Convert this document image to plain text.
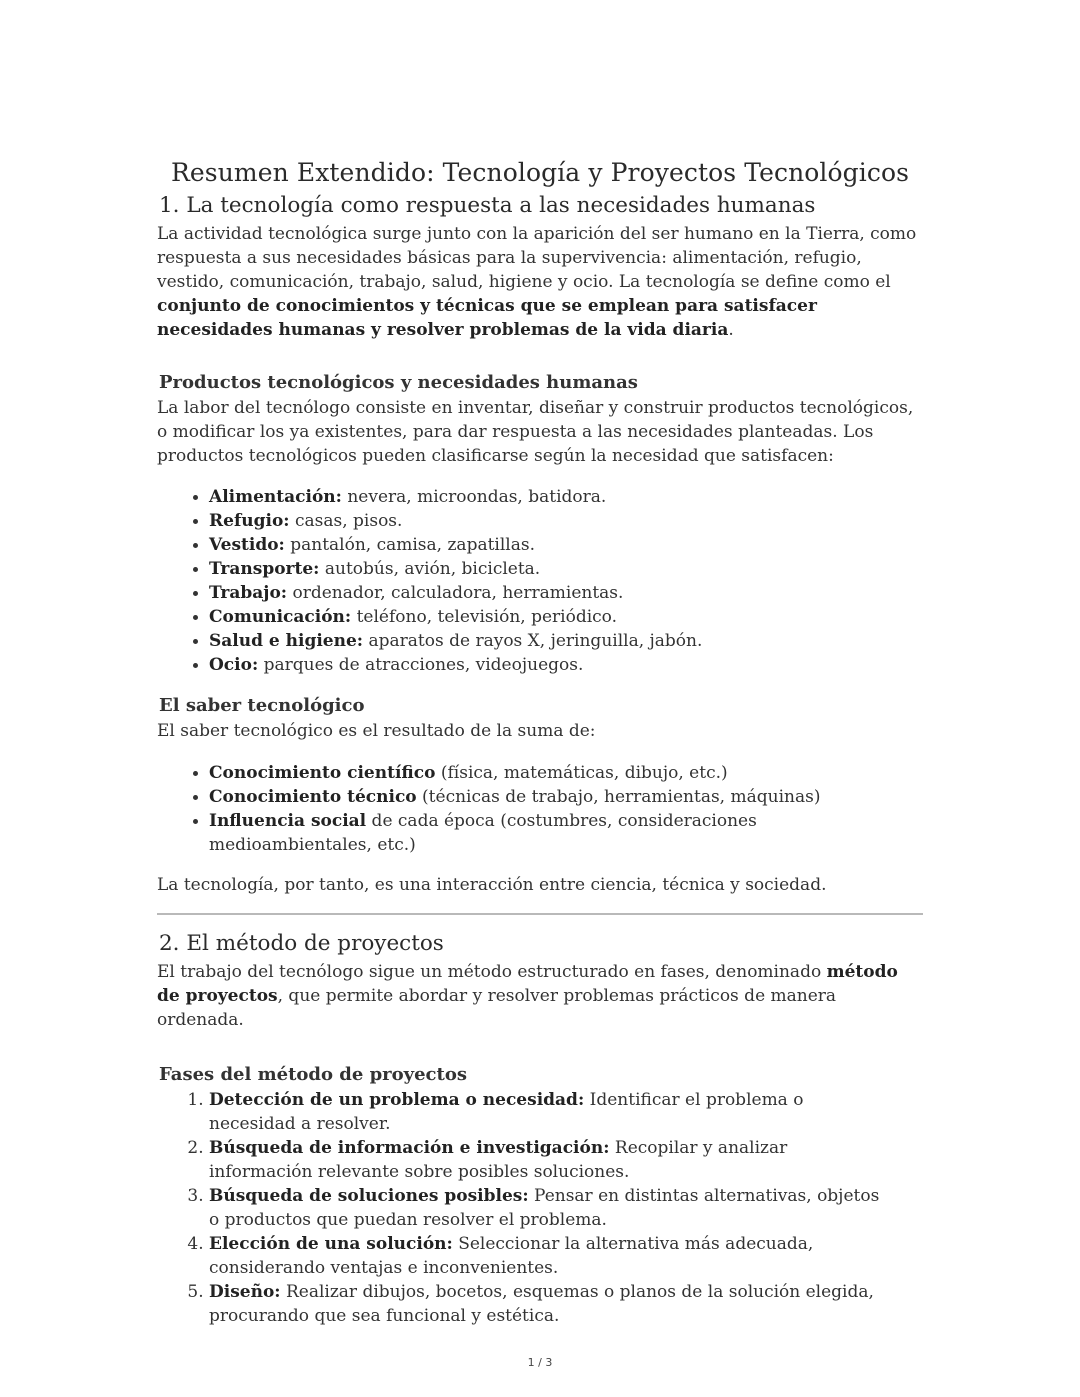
Resumen Extendido: Tecnología y Proyectos Tecnológicos
1. La tecnología como respuesta a las necesidades humanas

La actividad tecnológica surge junto con la aparición del ser humano en la Tierra, como respuesta a sus necesidades básicas para la supervivencia: alimentación, refugio, vestido, comunicación, trabajo, salud, higiene y ocio. La tecnología se define como el conjunto de conocimientos y técnicas que se emplean para satisfacer necesidades humanas y resolver problemas de la vida diaria.

Productos tecnológicos y necesidades humanas

La labor del tecnólogo consiste en inventar, diseñar y construir productos tecnológicos, o modificar los ya existentes, para dar respuesta a las necesidades planteadas. Los productos tecnológicos pueden clasificarse según la necesidad que satisfacen:

• Alimentación: nevera, microondas, batidora.
• Refugio: casas, pisos.
• Vestido: pantalón, camisa, zapatillas.
• Transporte: autobús, avión, bicicleta.
• Trabajo: ordenador, calculadora, herramientas.
• Comunicación: teléfono, televisión, periódico.
• Salud e higiene: aparatos de rayos X, jeringuilla, jabón.
• Ocio: parques de atracciones, videojuegos.
El saber tecnológico

El saber tecnológico es el resultado de la suma de:

• Conocimiento científico (física, matemáticas, dibujo, etc.)
• Conocimiento técnico (técnicas de trabajo, herramientas, máquinas)
• Influencia social de cada época (costumbres, consideraciones medioambientales, etc.)

La tecnología, por tanto, es una interacción entre ciencia, técnica y sociedad.

2. El método de proyectos

El trabajo del tecnólogo sigue un método estructurado en fases, denominado método de proyectos, que permite abordar y resolver problemas prácticos de manera ordenada.

Fases del método de proyectos
1. Detección de un problema o necesidad: Identificar el problema o necesidad a resolver.
2. Búsqueda de información e investigación: Recopilar y analizar información relevante sobre posibles soluciones.
3. Búsqueda de soluciones posibles: Pensar en distintas alternativas, objetos o productos que puedan resolver el problema.
4. Elección de una solución: Seleccionar la alternativa más adecuada, considerando ventajas e inconvenientes.
5. Diseño: Realizar dibujos, bocetos, esquemas o planos de la solución elegida, procurando que sea funcional y estética.
1 / 3
